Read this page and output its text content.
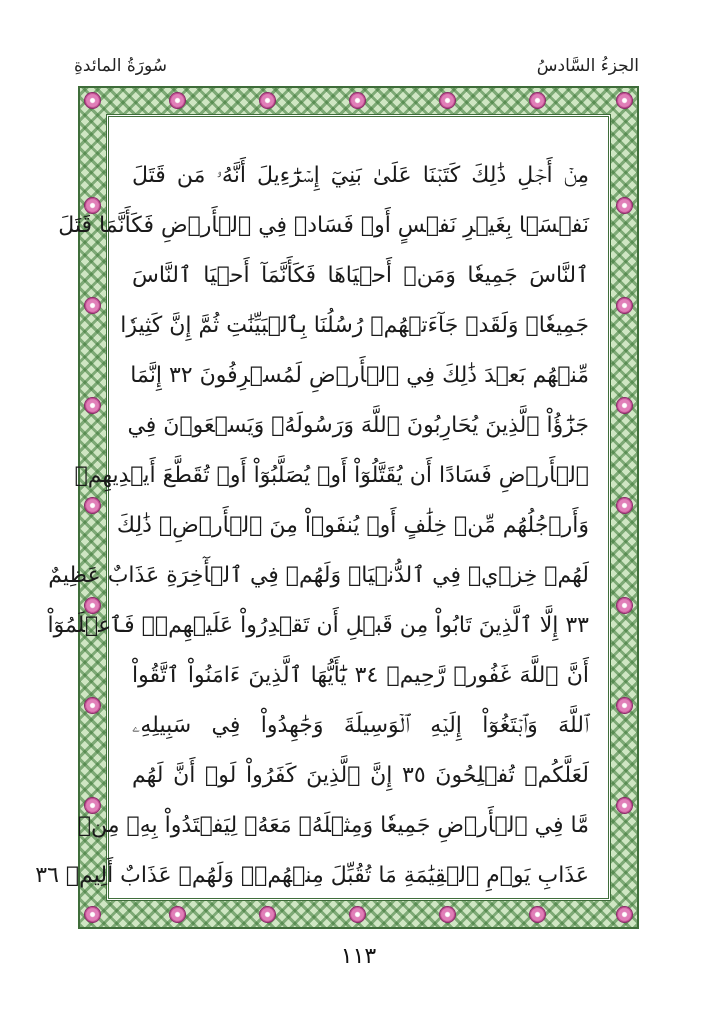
الجزءُ السَّادسُ
سُورَةُ المائدةِ
مِنۡ أَجۡلِ ذَٰلِكَ كَتَبۡنَا عَلَىٰ بَنِيٓ إِسۡرَٰٓءِيلَ أَنَّهُۥ مَن قَتَلَ
نَفۡسَۢا بِغَيۡرِ نَفۡسٍ أَوۡ فَسَادٖ فِي ٱلۡأَرۡضِ فَكَأَنَّمَا قَتَلَ
ٱلنَّاسَ جَمِيعٗا وَمَنۡ أَحۡيَاهَا فَكَأَنَّمَآ أَحۡيَا ٱلنَّاسَ
جَمِيعٗاۚ وَلَقَدۡ جَآءَتۡهُمۡ رُسُلُنَا بِٱلۡبَيِّنَٰتِ ثُمَّ إِنَّ كَثِيرٗا
مِّنۡهُم بَعۡدَ ذَٰلِكَ فِي ٱلۡأَرۡضِ لَمُسۡرِفُونَ ٣٢ إِنَّمَا
جَزَٰٓؤُاْ ٱلَّذِينَ يُحَارِبُونَ ٱللَّهَ وَرَسُولَهُۥ وَيَسۡعَوۡنَ فِي
ٱلۡأَرۡضِ فَسَادًا أَن يُقَتَّلُوٓاْ أَوۡ يُصَلَّبُوٓاْ أَوۡ تُقَطَّعَ أَيۡدِيهِمۡ
وَأَرۡجُلُهُم مِّنۡ خِلَٰفٍ أَوۡ يُنفَوۡاْ مِنَ ٱلۡأَرۡضِۚ ذَٰلِكَ
لَهُمۡ خِزۡيٞ فِي ٱلدُّنۡيَاۖ وَلَهُمۡ فِي ٱلۡأٓخِرَةِ عَذَابٌ عَظِيمٌ
٣٣ إِلَّا ٱلَّذِينَ تَابُواْ مِن قَبۡلِ أَن تَقۡدِرُواْ عَلَيۡهِمۡۖ فَٱعۡلَمُوٓاْ
أَنَّ ٱللَّهَ غَفُورٞ رَّحِيمٞ ٣٤ يَٰٓأَيُّهَا ٱلَّذِينَ ءَامَنُواْ ٱتَّقُواْ
ٱللَّهَ وَٱبۡتَغُوٓاْ إِلَيۡهِ ٱلۡوَسِيلَةَ وَجَٰهِدُواْ فِي سَبِيلِهِۦ
لَعَلَّكُمۡ تُفۡلِحُونَ ٣٥ إِنَّ ٱلَّذِينَ كَفَرُواْ لَوۡ أَنَّ لَهُم
مَّا فِي ٱلۡأَرۡضِ جَمِيعٗا وَمِثۡلَهُۥ مَعَهُۥ لِيَفۡتَدُواْ بِهِۦ مِنۡ
عَذَابِ يَوۡمِ ٱلۡقِيَٰمَةِ مَا تُقُبِّلَ مِنۡهُمۡۖ وَلَهُمۡ عَذَابٌ أَلِيمٞ ٣٦
١١٣
